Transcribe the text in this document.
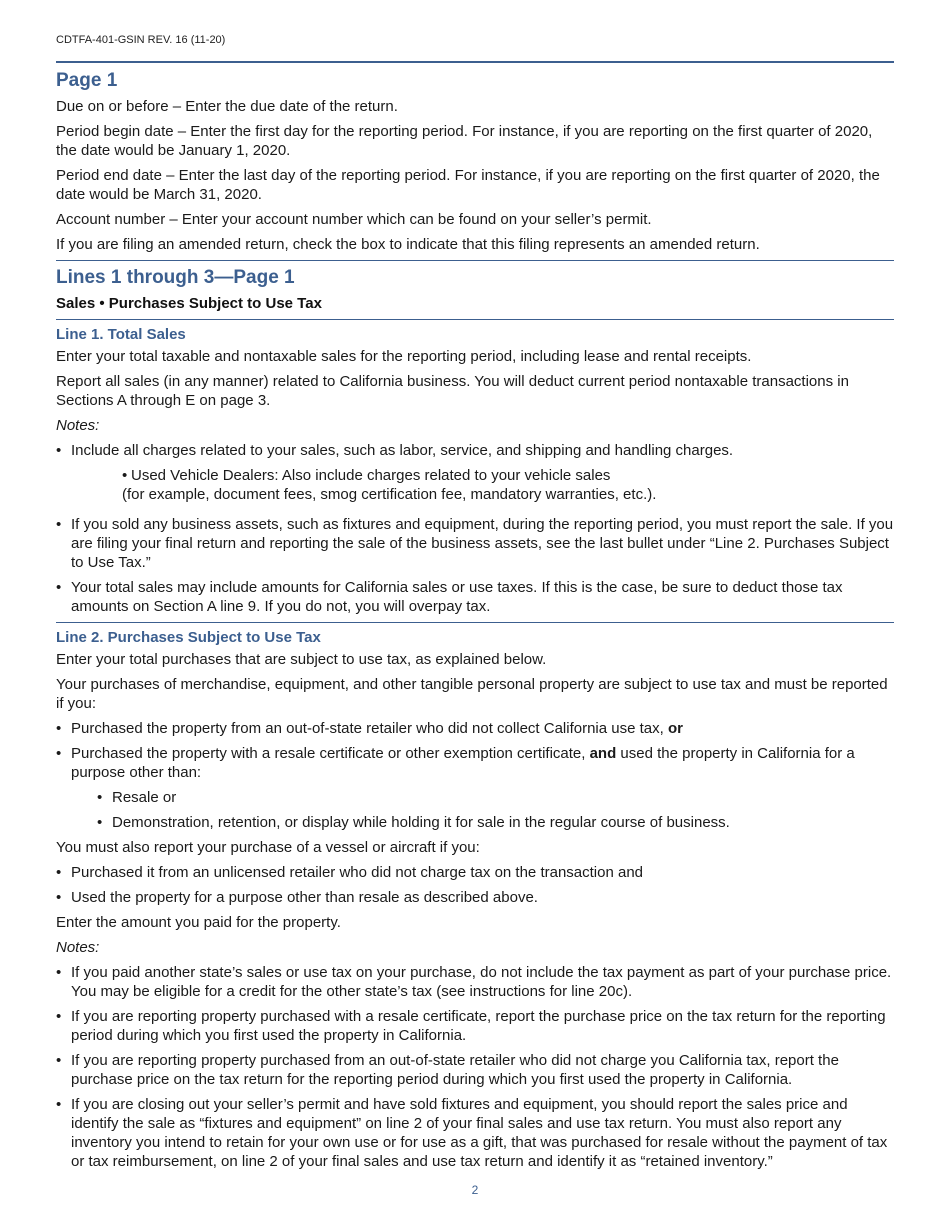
CDTFA-401-GSIN REV. 16 (11-20)
Page 1

Due on or before – Enter the due date of the return.

Period begin date – Enter the first day for the reporting period. For instance, if you are reporting on the first quarter of 2020, the date would be January 1, 2020.

Period end date – Enter the last day of the reporting period. For instance, if you are reporting on the first quarter of 2020, the date would be March 31, 2020.

Account number – Enter your account number which can be found on your seller’s permit.

If you are filing an amended return, check the box to indicate that this filing represents an amended return.

Lines 1 through 3—Page 1
Sales • Purchases Subject to Use Tax
Line 1. Total Sales

Enter your total taxable and nontaxable sales for the reporting period, including lease and rental receipts.

Report all sales (in any manner) related to California business. You will deduct current period nontaxable transactions in Sections A through E on page 3.

Notes:

• Include all charges related to your sales, such as labor, service, and shipping and handling charges.
• Used Vehicle Dealers: Also include charges related to your vehicle sales
(for example, document fees, smog certification fee, mandatory warranties, etc.).
• If you sold any business assets, such as fixtures and equipment, during the reporting period, you must report the sale. If you are filing your final return and reporting the sale of the business assets, see the last bullet under “Line 2. Purchases Subject to Use Tax.”
• Your total sales may include amounts for California sales or use taxes. If this is the case, be sure to deduct those tax amounts on Section A line 9. If you do not, you will overpay tax.
Line 2. Purchases Subject to Use Tax

Enter your total purchases that are subject to use tax, as explained below.

Your purchases of merchandise, equipment, and other tangible personal property are subject to use tax and must be reported if you:

• Purchased the property from an out-of-state retailer who did not collect California use tax, or
• Purchased the property with a resale certificate or other exemption certificate, and used the property in California for a purpose other than:
• Resale or
• Demonstration, retention, or display while holding it for sale in the regular course of business.

You must also report your purchase of a vessel or aircraft if you:

• Purchased it from an unlicensed retailer who did not charge tax on the transaction and
• Used the property for a purpose other than resale as described above.

Enter the amount you paid for the property.

Notes:

• If you paid another state’s sales or use tax on your purchase, do not include the tax payment as part of your purchase price. You may be eligible for a credit for the other state’s tax (see instructions for line 20c).
• If you are reporting property purchased with a resale certificate, report the purchase price on the tax return for the reporting period during which you first used the property in California.
• If you are reporting property purchased from an out-of-state retailer who did not charge you California tax, report the purchase price on the tax return for the reporting period during which you first used the property in California.
• If you are closing out your seller’s permit and have sold fixtures and equipment, you should report the sales price and identify the sale as “fixtures and equipment” on line 2 of your final sales and use tax return. You must also report any inventory you intend to retain for your own use or for use as a gift, that was purchased for resale without the payment of tax or tax reimbursement, on line 2 of your final sales and use tax return and identify it as “retained inventory.”
2
